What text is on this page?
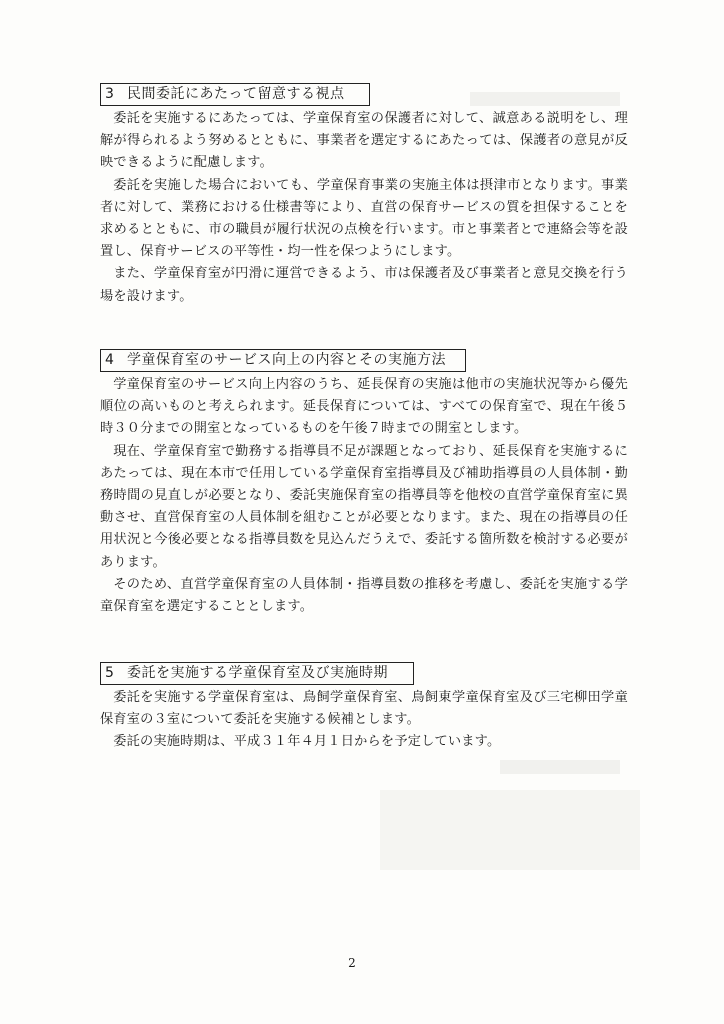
3 民間委託にあたって留意する視点

委託を実施するにあたっては、学童保育室の保護者に対して、誠意ある説明をし、理解が得られるよう努めるとともに、事業者を選定するにあたっては、保護者の意見が反映できるように配慮します。

委託を実施した場合においても、学童保育事業の実施主体は摂津市となります。事業者に対して、業務における仕様書等により、直営の保育サービスの質を担保することを求めるとともに、市の職員が履行状況の点検を行います。市と事業者とで連絡会等を設置し、保育サービスの平等性・均一性を保つようにします。

また、学童保育室が円滑に運営できるよう、市は保護者及び事業者と意見交換を行う場を設けます。

4 学童保育室のサービス向上の内容とその実施方法

学童保育室のサービス向上内容のうち、延長保育の実施は他市の実施状況等から優先順位の高いものと考えられます。延長保育については、すべての保育室で、現在午後５時３０分までの開室となっているものを午後７時までの開室とします。

現在、学童保育室で勤務する指導員不足が課題となっており、延長保育を実施するにあたっては、現在本市で任用している学童保育室指導員及び補助指導員の人員体制・勤務時間の見直しが必要となり、委託実施保育室の指導員等を他校の直営学童保育室に異動させ、直営保育室の人員体制を組むことが必要となります。また、現在の指導員の任用状況と今後必要となる指導員数を見込んだうえで、委託する箇所数を検討する必要があります。

そのため、直営学童保育室の人員体制・指導員数の推移を考慮し、委託を実施する学童保育室を選定することとします。

5 委託を実施する学童保育室及び実施時期

委託を実施する学童保育室は、鳥飼学童保育室、鳥飼東学童保育室及び三宅柳田学童保育室の３室について委託を実施する候補とします。

委託の実施時期は、平成３１年４月１日からを予定しています。

2
